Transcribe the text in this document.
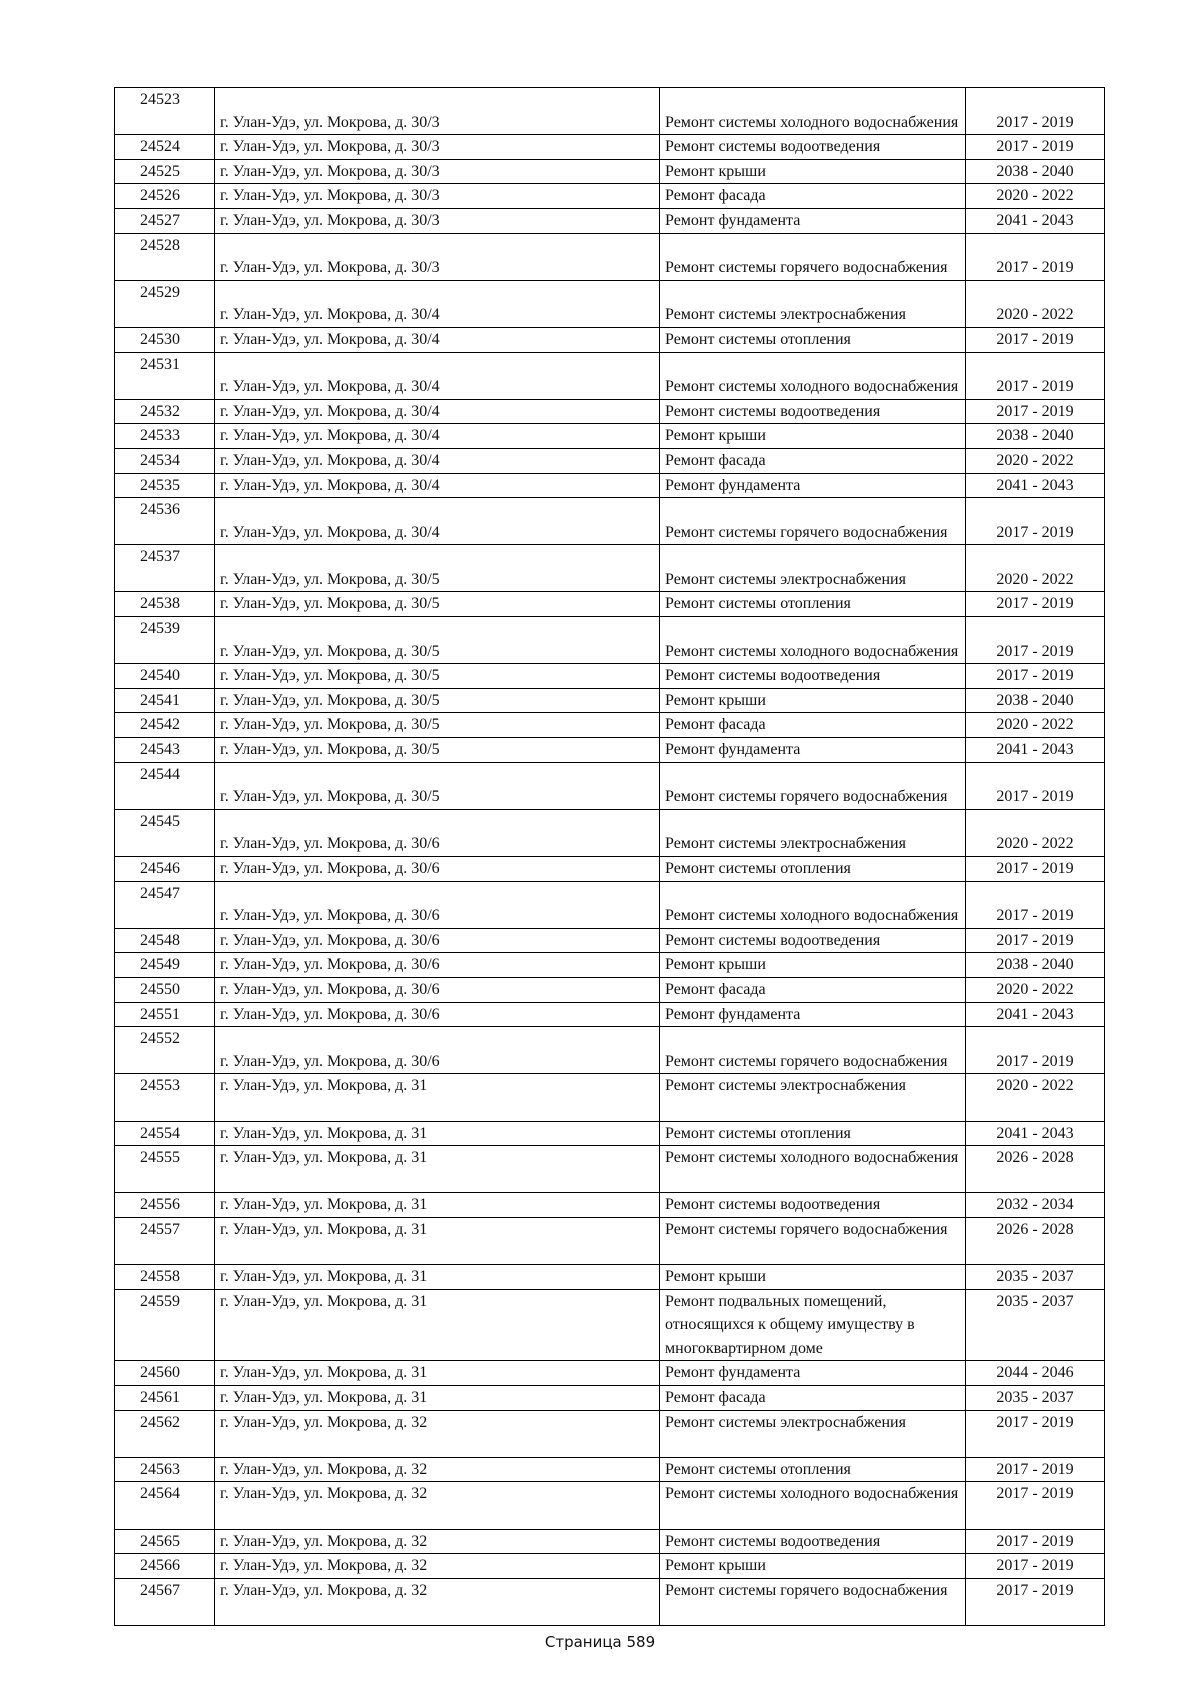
24523	г. Улан-Удэ, ул. Мокрова, д. 30/3	Ремонт системы холодного водоснабжения	2017 - 2019
24524	г. Улан-Удэ, ул. Мокрова, д. 30/3	Ремонт системы водоотведения	2017 - 2019
24525	г. Улан-Удэ, ул. Мокрова, д. 30/3	Ремонт крыши	2038 - 2040
24526	г. Улан-Удэ, ул. Мокрова, д. 30/3	Ремонт фасада	2020 - 2022
24527	г. Улан-Удэ, ул. Мокрова, д. 30/3	Ремонт фундамента	2041 - 2043
24528	г. Улан-Удэ, ул. Мокрова, д. 30/3	Ремонт системы горячего водоснабжения	2017 - 2019
24529	г. Улан-Удэ, ул. Мокрова, д. 30/4	Ремонт системы электроснабжения	2020 - 2022
24530	г. Улан-Удэ, ул. Мокрова, д. 30/4	Ремонт системы отопления	2017 - 2019
24531	г. Улан-Удэ, ул. Мокрова, д. 30/4	Ремонт системы холодного водоснабжения	2017 - 2019
24532	г. Улан-Удэ, ул. Мокрова, д. 30/4	Ремонт системы водоотведения	2017 - 2019
24533	г. Улан-Удэ, ул. Мокрова, д. 30/4	Ремонт крыши	2038 - 2040
24534	г. Улан-Удэ, ул. Мокрова, д. 30/4	Ремонт фасада	2020 - 2022
24535	г. Улан-Удэ, ул. Мокрова, д. 30/4	Ремонт фундамента	2041 - 2043
24536	г. Улан-Удэ, ул. Мокрова, д. 30/4	Ремонт системы горячего водоснабжения	2017 - 2019
24537	г. Улан-Удэ, ул. Мокрова, д. 30/5	Ремонт системы электроснабжения	2020 - 2022
24538	г. Улан-Удэ, ул. Мокрова, д. 30/5	Ремонт системы отопления	2017 - 2019
24539	г. Улан-Удэ, ул. Мокрова, д. 30/5	Ремонт системы холодного водоснабжения	2017 - 2019
24540	г. Улан-Удэ, ул. Мокрова, д. 30/5	Ремонт системы водоотведения	2017 - 2019
24541	г. Улан-Удэ, ул. Мокрова, д. 30/5	Ремонт крыши	2038 - 2040
24542	г. Улан-Удэ, ул. Мокрова, д. 30/5	Ремонт фасада	2020 - 2022
24543	г. Улан-Удэ, ул. Мокрова, д. 30/5	Ремонт фундамента	2041 - 2043
24544	г. Улан-Удэ, ул. Мокрова, д. 30/5	Ремонт системы горячего водоснабжения	2017 - 2019
24545	г. Улан-Удэ, ул. Мокрова, д. 30/6	Ремонт системы электроснабжения	2020 - 2022
24546	г. Улан-Удэ, ул. Мокрова, д. 30/6	Ремонт системы отопления	2017 - 2019
24547	г. Улан-Удэ, ул. Мокрова, д. 30/6	Ремонт системы холодного водоснабжения	2017 - 2019
24548	г. Улан-Удэ, ул. Мокрова, д. 30/6	Ремонт системы водоотведения	2017 - 2019
24549	г. Улан-Удэ, ул. Мокрова, д. 30/6	Ремонт крыши	2038 - 2040
24550	г. Улан-Удэ, ул. Мокрова, д. 30/6	Ремонт фасада	2020 - 2022
24551	г. Улан-Удэ, ул. Мокрова, д. 30/6	Ремонт фундамента	2041 - 2043
24552	г. Улан-Удэ, ул. Мокрова, д. 30/6	Ремонт системы горячего водоснабжения	2017 - 2019
24553	г. Улан-Удэ, ул. Мокрова, д. 31	Ремонт системы электроснабжения	2020 - 2022
24554	г. Улан-Удэ, ул. Мокрова, д. 31	Ремонт системы отопления	2041 - 2043
24555	г. Улан-Удэ, ул. Мокрова, д. 31	Ремонт системы холодного водоснабжения	2026 - 2028
24556	г. Улан-Удэ, ул. Мокрова, д. 31	Ремонт системы водоотведения	2032 - 2034
24557	г. Улан-Удэ, ул. Мокрова, д. 31	Ремонт системы горячего водоснабжения	2026 - 2028
24558	г. Улан-Удэ, ул. Мокрова, д. 31	Ремонт крыши	2035 - 2037
24559	г. Улан-Удэ, ул. Мокрова, д. 31	Ремонт подвальных помещений, относящихся к общему имуществу в многоквартирном доме	2035 - 2037
24560	г. Улан-Удэ, ул. Мокрова, д. 31	Ремонт фундамента	2044 - 2046
24561	г. Улан-Удэ, ул. Мокрова, д. 31	Ремонт фасада	2035 - 2037
24562	г. Улан-Удэ, ул. Мокрова, д. 32	Ремонт системы электроснабжения	2017 - 2019
24563	г. Улан-Удэ, ул. Мокрова, д. 32	Ремонт системы отопления	2017 - 2019
24564	г. Улан-Удэ, ул. Мокрова, д. 32	Ремонт системы холодного водоснабжения	2017 - 2019
24565	г. Улан-Удэ, ул. Мокрова, д. 32	Ремонт системы водоотведения	2017 - 2019
24566	г. Улан-Удэ, ул. Мокрова, д. 32	Ремонт крыши	2017 - 2019
24567	г. Улан-Удэ, ул. Мокрова, д. 32	Ремонт системы горячего водоснабжения	2017 - 2019
Страница 589
